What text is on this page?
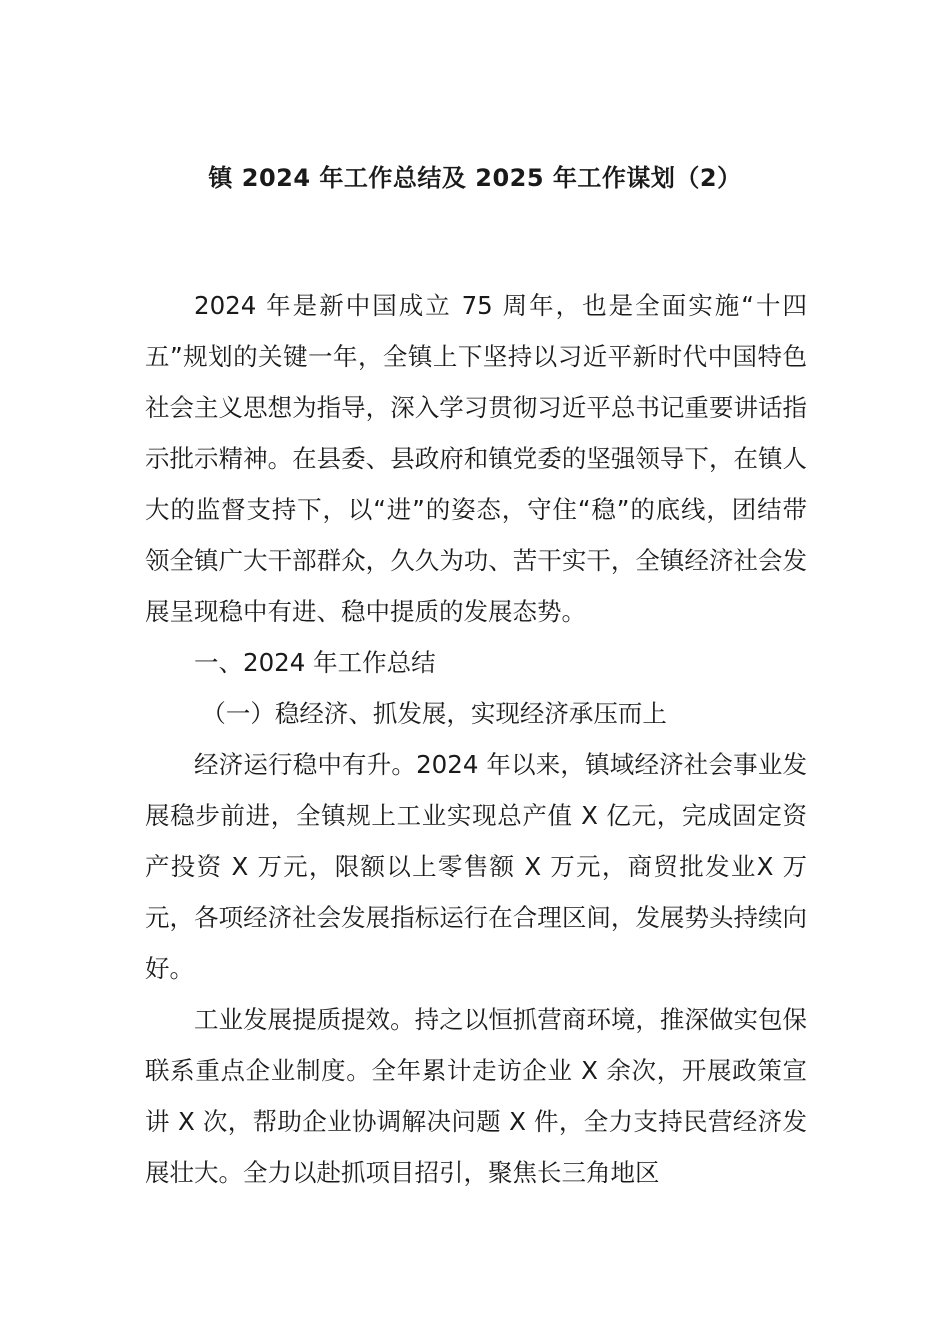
镇 2024 年工作总结及 2025 年工作谋划（2）

2024 年是新中国成立 75 周年，也是全面实施“十四五”规划的关键一年，全镇上下坚持以习近平新时代中国特色社会主义思想为指导，深入学习贯彻习近平总书记重要讲话指示批示精神。在县委、县政府和镇党委的坚强领导下，在镇人大的监督支持下，以“进”的姿态，守住“稳”的底线，团结带领全镇广大干部群众，久久为功、苦干实干，全镇经济社会发展呈现稳中有进、稳中提质的发展态势。

一、2024 年工作总结

（一）稳经济、抓发展，实现经济承压而上

经济运行稳中有升。2024 年以来，镇域经济社会事业发展稳步前进，全镇规上工业实现总产值 X 亿元，完成固定资产投资 X 万元，限额以上零售额 X 万元，商贸批发业X 万元，各项经济社会发展指标运行在合理区间，发展势头持续向好。

工业发展提质提效。持之以恒抓营商环境，推深做实包保联系重点企业制度。全年累计走访企业 X 余次，开展政策宣讲 X 次，帮助企业协调解决问题 X 件，全力支持民营经济发展壮大。全力以赴抓项目招引，聚焦长三角地区
